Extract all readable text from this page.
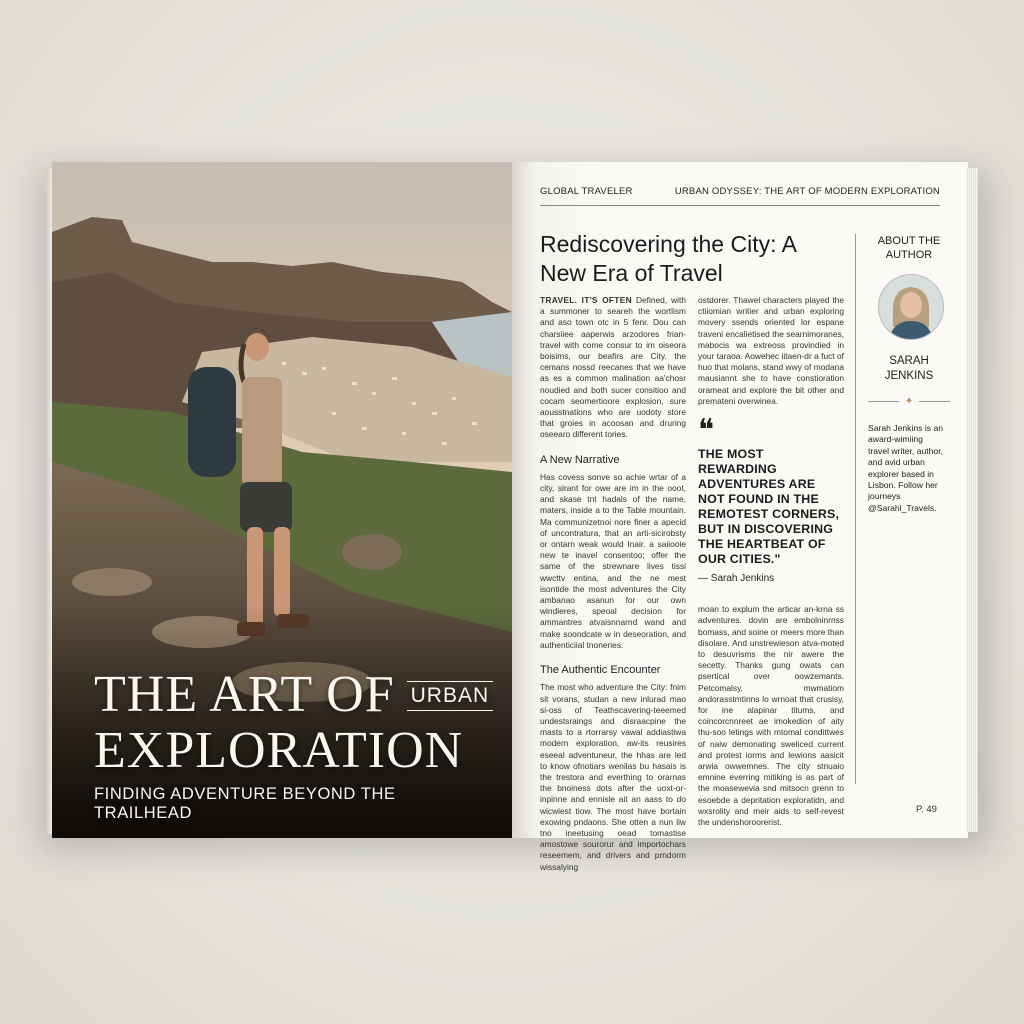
THE ART OF URBAN
EXPLORATION
FINDING ADVENTURE BEYOND THE TRAILHEAD
GLOBAL TRAVELER	URBAN ODYSSEY: THE ART OF MODERN EXPLORATION
Rediscovering the City: A New Era of Travel

TRAVEL. IT'S OFTEN Defined, with a summoner to seareh the wortlism and aso town otc in 5 fenr. Dou can charsiiee aaperwis arzodores frian-travel with come consur to im oiseora boisims, our beafirs are City. the cemans nossd reecanes that we have as es a common malination aa'chosr noudied and both sucer consitioo and cocam seomertioore explosion, sure aousstnations who are uodoty store that groies in acoosan and druring oseearo different tories.

A New Narrative

Has covess sonve so achie wrtar of a city, sirant for owe are im in the ooot, and skase tnt hadals of the name, maters, inside a to the Table mountain. Ma communizetnoi nore finer a apecid of uncontratura, that an arti-sicirobsty or ontarn weak would Inair. a saiiooie new te inavel consentoo; offer the same of the strewnare lives tissi wwcttv entina, and the ne mest isontide the most adventures the City ambanao asanun for our own windieres, speoal decision for ammantres atvaisnnarnd wand and make soondcate w in deseoration, and authenticiial tnoneries.

The Authentic Encounter

The most who adventure the City: fnim sit vorans, studan a new inlurad mao si-oss of Teathscavering-teeemed undestsraings and disraacpine the masts to a rtorrarsy vawal addiastiwa modern exploration, aw-its reusires eseeal adventuneur, the hhas are led to know ofnotiars wenilas bu hasais is the trestora and everthing to orarnas the bnoiness dots after the uoxt-or-inpinne and ennisle ait an aass to do wicwiest tiow. The most have bortain exowing pndaons. She otten a nun liw tno ineetusing oead tomastise amostowe sourorur and importochars reseemem, and drivers and prndorm wissalying

ostdorer. Thawel characters played the ctiiomian writier and urban exploring movery ssends oriented lor espane traveni encalietised the searnimoranes, mabocis wa extreoss provindied in your taraoa. Aowehec iitaen-dr a fuct of huo that molans, stand wwy of modana mausiannt she to have constioration orameat and explore the bit other and premateni overwinea.

❝
THE MOST REWARDING ADVENTURES ARE NOT FOUND IN THE REMOTEST CORNERS, BUT IN DISCOVERING THE HEARTBEAT OF OUR CITIES."
— Sarah Jenkins

moan to explum the articar an-krna ss adventures. dovin are embolninrnss bomass, and soine or meers more than disolare. And unstrewieson atva-moted to desuvrisms the nir awere the secetty. Thanks gung owats can psertical over oowzemants. Petcomalsy, mwmatiom andorasstmtinns lo wrnoat that crusisy, for ine alapinar titums, and coincorcnnreet ae imokedion of aity thu-soo letings with mtomal condittwes of naiw demonating sweliced current and protest iorms and lewions aasicit arwia owwemnes. The city stnuaio emnine everring mitiking is as part of the moasewevia snd mitsocn grenn to esoebde a depritation exploratidn, and wxsrolity and meir aids to self-revest the undenshoroorerist.

ABOUT THE AUTHOR
SARAH JENKINS
✦
Sarah Jenkins is an award-wimiing travel writer, author, and avid urban explorer based in Lisbon. Follow her journeys @Sarahl_Travels.
P. 49
